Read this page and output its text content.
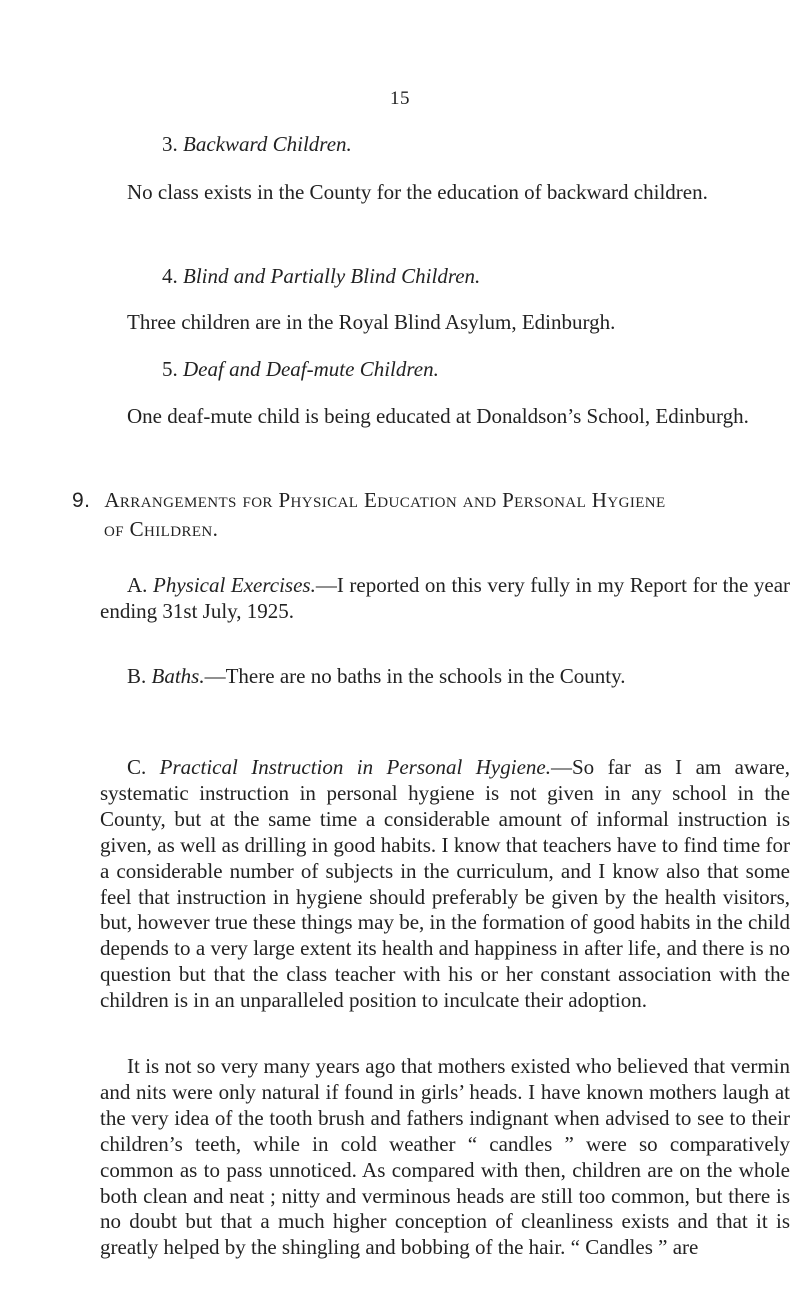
15
3. Backward Children.

No class exists in the County for the education of backward children.

4. Blind and Partially Blind Children.

Three children are in the Royal Blind Asylum, Edinburgh.

5. Deaf and Deaf-mute Children.

One deaf-mute child is being educated at Donaldson’s School, Edinburgh.

9. Arrangements for Physical Education and Personal Hygiene
of Children.

A. Physical Exercises.—I reported on this very fully in my Report for the year ending 31st July, 1925.

B. Baths.—There are no baths in the schools in the County.

C. Practical Instruction in Personal Hygiene.—So far as I am aware, systematic instruction in personal hygiene is not given in any school in the County, but at the same time a considerable amount of informal instruction is given, as well as drilling in good habits. I know that teachers have to find time for a considerable number of subjects in the curriculum, and I know also that some feel that instruction in hygiene should preferably be given by the health visitors, but, however true these things may be, in the formation of good habits in the child depends to a very large extent its health and happiness in after life, and there is no question but that the class teacher with his or her constant association with the children is in an unparalleled position to inculcate their adoption.

It is not so very many years ago that mothers existed who believed that vermin and nits were only natural if found in girls’ heads. I have known mothers laugh at the very idea of the tooth brush and fathers indignant when advised to see to their children’s teeth, while in cold weather “ candles ” were so comparatively common as to pass unnoticed. As compared with then, children are on the whole both clean and neat ; nitty and verminous heads are still too common, but there is no doubt but that a much higher conception of cleanliness exists and that it is greatly helped by the shingling and bobbing of the hair. “ Candles ” are
